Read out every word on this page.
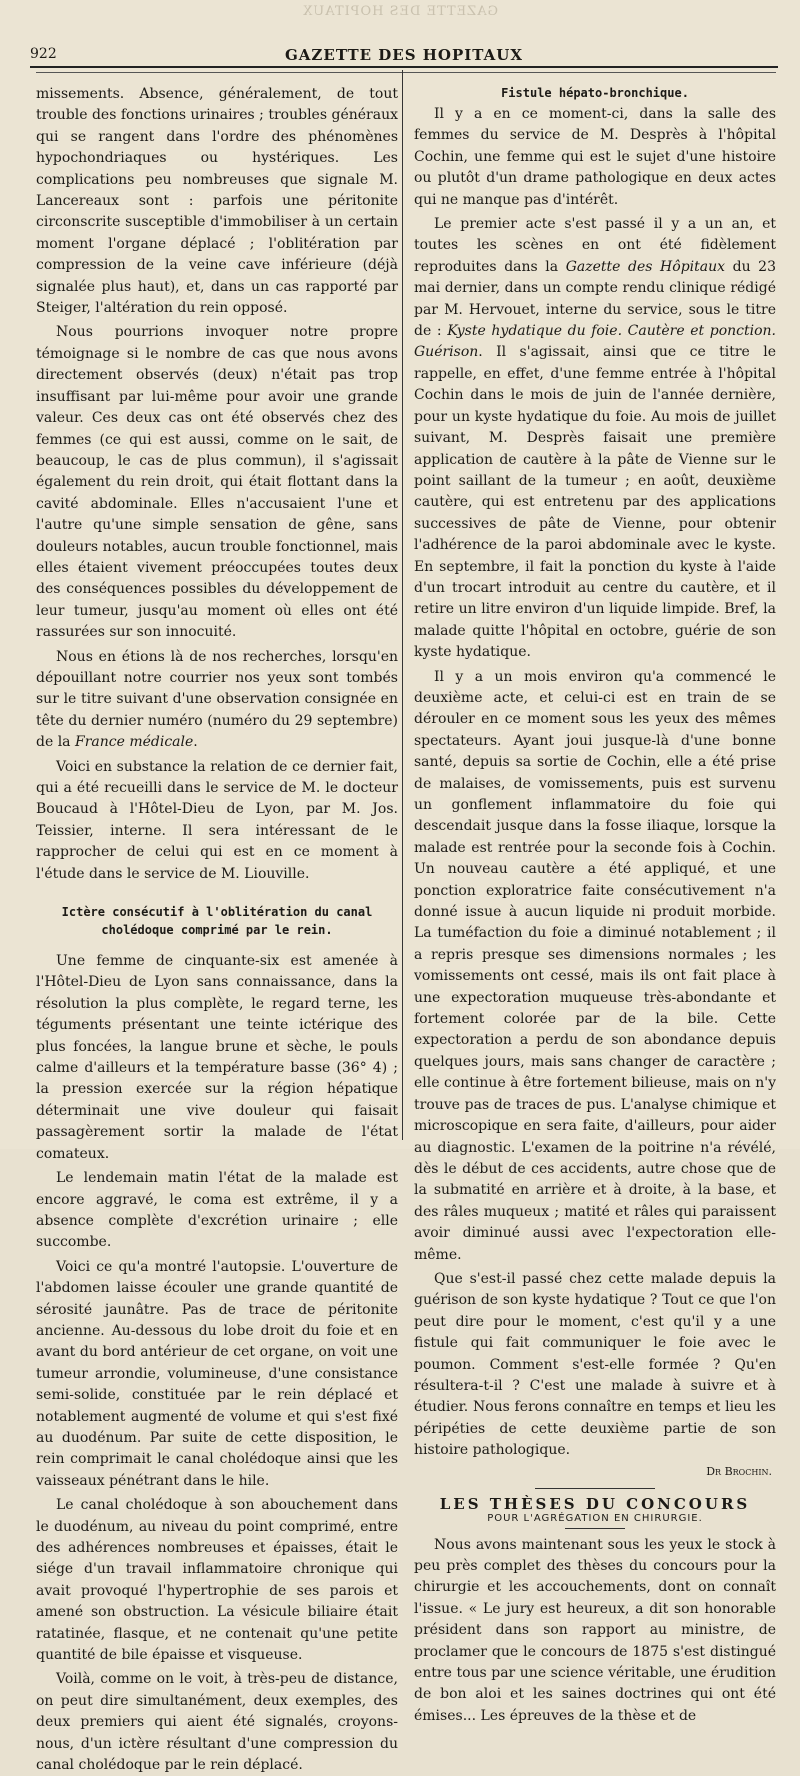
GAZETTE DES HOPITAUX
922	GAZETTE DES HOPITAUX

missements. Absence, généralement, de tout trouble des fonctions urinaires ; troubles généraux qui se rangent dans l'ordre des phénomènes hypochondriaques ou hystériques. Les complications peu nombreuses que signale M. Lancereaux sont : parfois une péritonite circonscrite susceptible d'immobiliser à un certain moment l'organe déplacé ; l'oblitération par compression de la veine cave inférieure (déjà signalée plus haut), et, dans un cas rapporté par Steiger, l'altération du rein opposé.

Nous pourrions invoquer notre propre témoignage si le nombre de cas que nous avons directement observés (deux) n'était pas trop insuffisant par lui-même pour avoir une grande valeur. Ces deux cas ont été observés chez des femmes (ce qui est aussi, comme on le sait, de beaucoup, le cas de plus commun), il s'agissait également du rein droit, qui était flottant dans la cavité abdominale. Elles n'accusaient l'une et l'autre qu'une simple sensation de gêne, sans douleurs notables, aucun trouble fonctionnel, mais elles étaient vivement préoccupées toutes deux des conséquences possibles du développement de leur tumeur, jusqu'au moment où elles ont été rassurées sur son innocuité.

Nous en étions là de nos recherches, lorsqu'en dépouillant notre courrier nos yeux sont tombés sur le titre suivant d'une observation consignée en tête du dernier numéro (numéro du 29 septembre) de la France médicale.

Voici en substance la relation de ce dernier fait, qui a été recueilli dans le service de M. le docteur Boucaud à l'Hôtel-Dieu de Lyon, par M. Jos. Teissier, interne. Il sera intéressant de le rapprocher de celui qui est en ce moment à l'étude dans le service de M. Liouville.

Ictère consécutif à l'oblitération du canal cholédoque comprimé par le rein.

Une femme de cinquante-six est amenée à l'Hôtel-Dieu de Lyon sans connaissance, dans la résolution la plus complète, le regard terne, les téguments présentant une teinte ictérique des plus foncées, la langue brune et sèche, le pouls calme d'ailleurs et la température basse (36° 4) ; la pression exercée sur la région hépatique déterminait une vive douleur qui faisait passagèrement sortir la malade de l'état comateux.

Le lendemain matin l'état de la malade est encore aggravé, le coma est extrême, il y a absence complète d'excrétion urinaire ; elle succombe.

Voici ce qu'a montré l'autopsie. L'ouverture de l'abdomen laisse écouler une grande quantité de sérosité jaunâtre. Pas de trace de péritonite ancienne. Au-dessous du lobe droit du foie et en avant du bord antérieur de cet organe, on voit une tumeur arrondie, volumineuse, d'une consistance semi-solide, constituée par le rein déplacé et notablement augmenté de volume et qui s'est fixé au duodénum. Par suite de cette disposition, le rein comprimait le canal cholédoque ainsi que les vaisseaux pénétrant dans le hile.

Le canal cholédoque à son abouchement dans le duodénum, au niveau du point comprimé, entre des adhérences nombreuses et épaisses, était le siége d'un travail inflammatoire chronique qui avait provoqué l'hypertrophie de ses parois et amené son obstruction. La vésicule biliaire était ratatinée, flasque, et ne contenait qu'une petite quantité de bile épaisse et visqueuse.

Voilà, comme on le voit, à très-peu de distance, on peut dire simultanément, deux exemples, des deux premiers qui aient été signalés, croyons-nous, d'un ictère résultant d'une compression du canal cholédoque par le rein déplacé.

Fistule hépato-bronchique.

Il y a en ce moment-ci, dans la salle des femmes du service de M. Desprès à l'hôpital Cochin, une femme qui est le sujet d'une histoire ou plutôt d'un drame pathologique en deux actes qui ne manque pas d'intérêt.

Le premier acte s'est passé il y a un an, et toutes les scènes en ont été fidèlement reproduites dans la Gazette des Hôpitaux du 23 mai dernier, dans un compte rendu clinique rédigé par M. Hervouet, interne du service, sous le titre de : Kyste hydatique du foie. Cautère et ponction. Guérison. Il s'agissait, ainsi que ce titre le rappelle, en effet, d'une femme entrée à l'hôpital Cochin dans le mois de juin de l'année dernière, pour un kyste hydatique du foie. Au mois de juillet suivant, M. Desprès faisait une première application de cautère à la pâte de Vienne sur le point saillant de la tumeur ; en août, deuxième cautère, qui est entretenu par des applications successives de pâte de Vienne, pour obtenir l'adhérence de la paroi abdominale avec le kyste. En septembre, il fait la ponction du kyste à l'aide d'un trocart introduit au centre du cautère, et il retire un litre environ d'un liquide limpide. Bref, la malade quitte l'hôpital en octobre, guérie de son kyste hydatique.

Il y a un mois environ qu'a commencé le deuxième acte, et celui-ci est en train de se dérouler en ce moment sous les yeux des mêmes spectateurs. Ayant joui jusque-là d'une bonne santé, depuis sa sortie de Cochin, elle a été prise de malaises, de vomissements, puis est survenu un gonflement inflammatoire du foie qui descendait jusque dans la fosse iliaque, lorsque la malade est rentrée pour la seconde fois à Cochin. Un nouveau cautère a été appliqué, et une ponction exploratrice faite consécutivement n'a donné issue à aucun liquide ni produit morbide. La tuméfaction du foie a diminué notablement ; il a repris presque ses dimensions normales ; les vomissements ont cessé, mais ils ont fait place à une expectoration muqueuse très-abondante et fortement colorée par de la bile. Cette expectoration a perdu de son abondance depuis quelques jours, mais sans changer de caractère ; elle continue à être fortement bilieuse, mais on n'y trouve pas de traces de pus. L'analyse chimique et microscopique en sera faite, d'ailleurs, pour aider au diagnostic. L'examen de la poitrine n'a révélé, dès le début de ces accidents, autre chose que de la submatité en arrière et à droite, à la base, et des râles muqueux ; matité et râles qui paraissent avoir diminué aussi avec l'expectoration elle-même.

Que s'est-il passé chez cette malade depuis la guérison de son kyste hydatique ? Tout ce que l'on peut dire pour le moment, c'est qu'il y a une fistule qui fait communiquer le foie avec le poumon. Comment s'est-elle formée ? Qu'en résultera-t-il ? C'est une malade à suivre et à étudier. Nous ferons connaître en temps et lieu les péripéties de cette deuxième partie de son histoire pathologique.

Dr Brochin.
LES THÈSES DU CONCOURS
POUR L'AGRÉGATION EN CHIRURGIE.

Nous avons maintenant sous les yeux le stock à peu près complet des thèses du concours pour la chirurgie et les accouchements, dont on connaît l'issue. « Le jury est heureux, a dit son honorable président dans son rapport au ministre, de proclamer que le concours de 1875 s'est distingué entre tous par une science véritable, une érudition de bon aloi et les saines doctrines qui ont été émises... Les épreuves de la thèse et de
